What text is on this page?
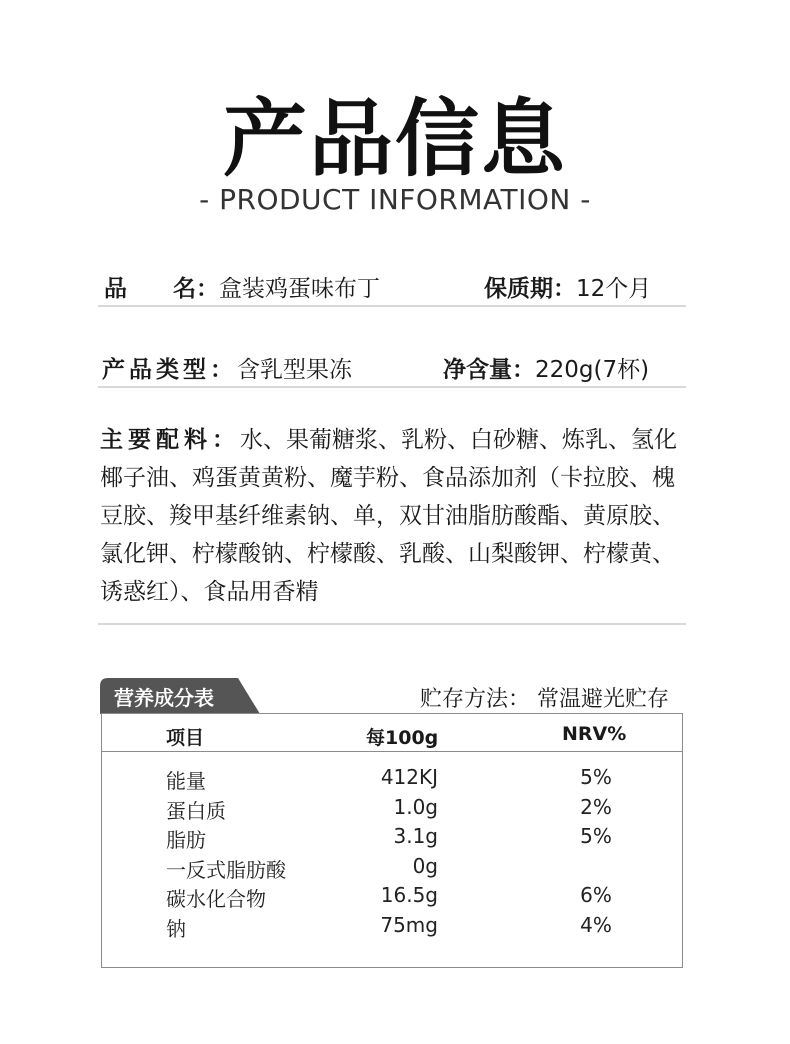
产品信息
- PRODUCT INFORMATION -
品　　名：盒装鸡蛋味布丁	保质期：12个月
产品类型：含乳型果冻	净含量：220g(7杯)
主要配料：水、果葡糖浆、乳粉、白砂糖、炼乳、氢化椰子油、鸡蛋黄黄粉、魔芋粉、食品添加剂（卡拉胶、槐豆胶、羧甲基纤维素钠、单，双甘油脂肪酸酯、黄原胶、氯化钾、柠檬酸钠、柠檬酸、乳酸、山梨酸钾、柠檬黄、诱惑红）、食品用香精
营养成分表	贮存方法： 常温避光贮存
项目	每100g	NRV%
能量	412KJ	5%
蛋白质	1.0g	2%
脂肪	3.1g	5%
一反式脂肪酸	0g
碳水化合物	16.5g	6%
钠	75mg	4%
